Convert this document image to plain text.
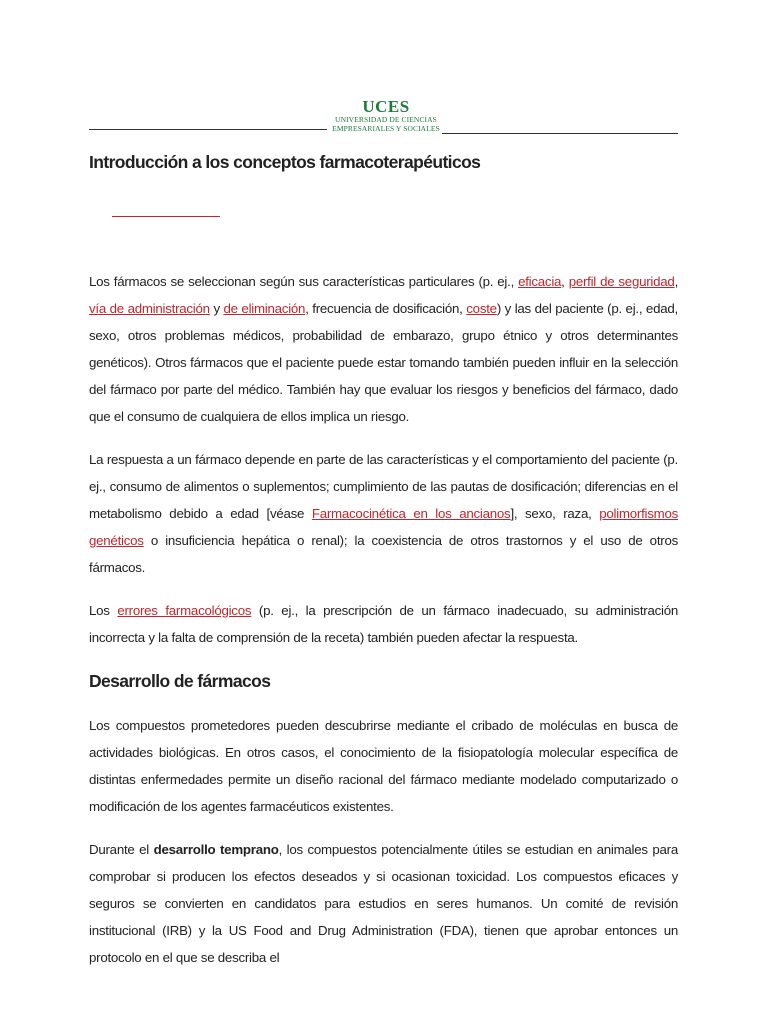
UCES
UNIVERSIDAD DE CIENCIAS
EMPRESARIALES Y SOCIALES
Introducción a los conceptos farmacoterapéuticos

Los fármacos se seleccionan según sus características particulares (p. ej., eficacia, perfil de seguridad, vía de administración y de eliminación, frecuencia de dosificación, coste) y las del paciente (p. ej., edad, sexo, otros problemas médicos, probabilidad de embarazo, grupo étnico y otros determinantes genéticos). Otros fármacos que el paciente puede estar tomando también pueden influir en la selección del fármaco por parte del médico. También hay que evaluar los riesgos y beneficios del fármaco, dado que el consumo de cualquiera de ellos implica un riesgo.

La respuesta a un fármaco depende en parte de las características y el comportamiento del paciente (p. ej., consumo de alimentos o suplementos; cumplimiento de las pautas de dosificación; diferencias en el metabolismo debido a edad [véase Farmacocinética en los ancianos], sexo, raza, polimorfismos genéticos o insuficiencia hepática o renal); la coexistencia de otros trastornos y el uso de otros fármacos.

Los errores farmacológicos (p. ej., la prescripción de un fármaco inadecuado, su administración incorrecta y la falta de comprensión de la receta) también pueden afectar la respuesta.

Desarrollo de fármacos

Los compuestos prometedores pueden descubrirse mediante el cribado de moléculas en busca de actividades biológicas. En otros casos, el conocimiento de la fisiopatología molecular específica de distintas enfermedades permite un diseño racional del fármaco mediante modelado computarizado o modificación de los agentes farmacéuticos existentes.

Durante el desarrollo temprano, los compuestos potencialmente útiles se estudian en animales para comprobar si producen los efectos deseados y si ocasionan toxicidad. Los compuestos eficaces y seguros se convierten en candidatos para estudios en seres humanos. Un comité de revisión institucional (IRB) y la US Food and Drug Administration (FDA), tienen que aprobar entonces un protocolo en el que se describa el
